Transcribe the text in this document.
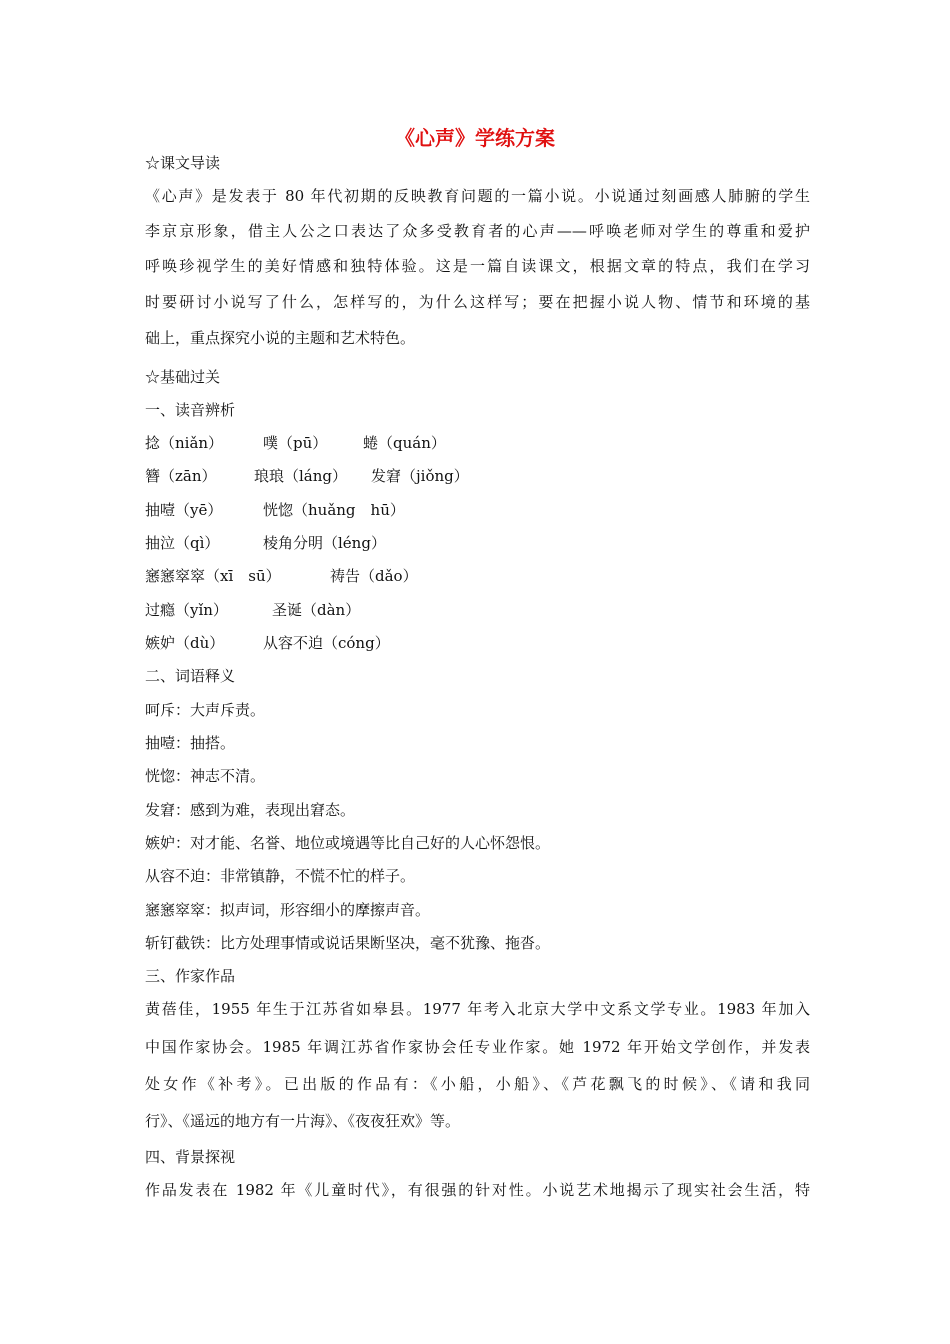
《心声》学练方案
☆课文导读
《心声》是发表于 80 年代初期的反映教育问题的一篇小说。小说通过刻画感人肺腑的学生
李京京形象，借主人公之口表达了众多受教育者的心声——呼唤老师对学生的尊重和爱护
呼唤珍视学生的美好情感和独特体验。这是一篇自读课文，根据文章的特点，我们在学习
时要研讨小说写了什么，怎样写的，为什么这样写；要在把握小说人物、情节和环境的基
础上，重点探究小说的主题和艺术特色。
☆基础过关
一、读音辨析
捻（niǎn）	噗（pū） 蜷（quán）
簪（zān） 琅琅（láng） 发窘（jiǒng）
抽噎（yē）	恍惚（huǎng　hū）
抽泣（qì）	棱角分明（léng）
窸窸窣窣（xī　sū）	祷告（dǎo）
过瘾（yǐn）	圣诞（dàn）
嫉妒（dù）	从容不迫（cóng）
二、词语释义
呵斥：大声斥责。
抽噎：抽搭。
恍惚：神志不清。
发窘：感到为难，表现出窘态。
嫉妒：对才能、名誉、地位或境遇等比自己好的人心怀怨恨。
从容不迫：非常镇静，不慌不忙的样子。
窸窸窣窣：拟声词，形容细小的摩擦声音。
斩钉截铁：比方处理事情或说话果断坚决，毫不犹豫、拖沓。
三、作家作品
黄蓓佳，1955 年生于江苏省如皋县。1977 年考入北京大学中文系文学专业。1983 年加入
中国作家协会。1985 年调江苏省作家协会任专业作家。她 1972 年开始文学创作，并发表
处女作《补考》。已出版的作品有：《小船，小船》、《芦花飘飞的时候》、《请和我同
行》、《遥远的地方有一片海》、《夜夜狂欢》等。
四、背景探视
作品发表在 1982 年《儿童时代》，有很强的针对性。小说艺术地揭示了现实社会生活，特
